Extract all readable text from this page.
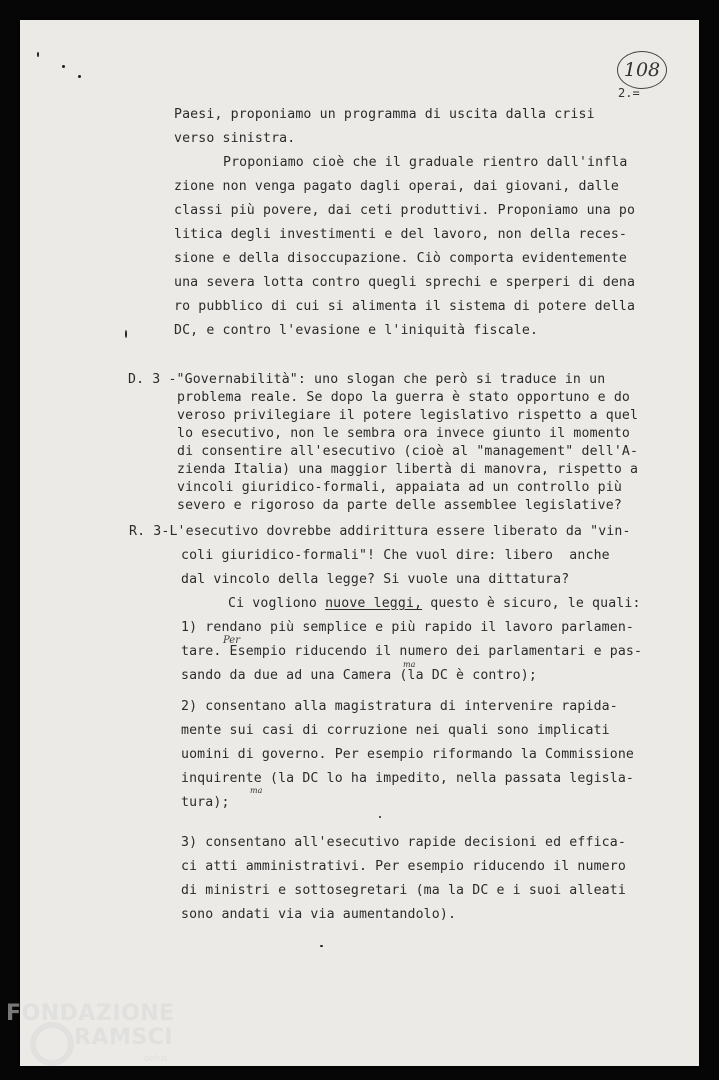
108
2.=
Paesi, proponiamo un programma di uscita dalla crisi
verso sinistra.
Proponiamo cioè che il graduale rientro dall'infla
zione non venga pagato dagli operai, dai giovani, dalle
classi più povere, dai ceti produttivi. Proponiamo una po
litica degli investimenti e del lavoro, non della reces-
sione e della disoccupazione. Ciò comporta evidentemente
una severa lotta contro quegli sprechi e sperperi di dena
ro pubblico di cui si alimenta il sistema di potere della
DC, e contro l'evasione e l'iniquità fiscale.
D. 3 -"Governabilità": uno slogan che però si traduce in un
problema reale. Se dopo la guerra è stato opportuno e do
veroso privilegiare il potere legislativo rispetto a quel
lo esecutivo, non le sembra ora invece giunto il momento
di consentire all'esecutivo (cioè al "management" dell'A-
zienda Italia) una maggior libertà di manovra, rispetto a
vincoli giuridico-formali, appaiata ad un controllo più
severo e rigoroso da parte delle assemblee legislative?
R. 3-L'esecutivo dovrebbe addirittura essere liberato da "vin-
coli giuridico-formali"! Che vuol dire: libero  anche
dal vincolo della legge? Si vuole una dittatura?
Ci vogliono nuove leggi, questo è sicuro, le quali:
1) rendano più semplice e più rapido il lavoro parlamen-
tare. Esempio riducendo il numero dei parlamentari e pas-
sando da due ad una Camera (la DC è contro);
2) consentano alla magistratura di intervenire rapida-
mente sui casi di corruzione nei quali sono implicati
uomini di governo. Per esempio riformando la Commissione
inquirente (la DC lo ha impedito, nella passata legisla-
tura);
3) consentano all'esecutivo rapide decisioni ed effica-
ci atti amministrativi. Per esempio riducendo il numero
di ministri e sottosegretari (ma la DC e i suoi alleati
sono andati via via aumentandolo).
Per
ma
ma
FONDAZIONE
RAMSCI
onlus
